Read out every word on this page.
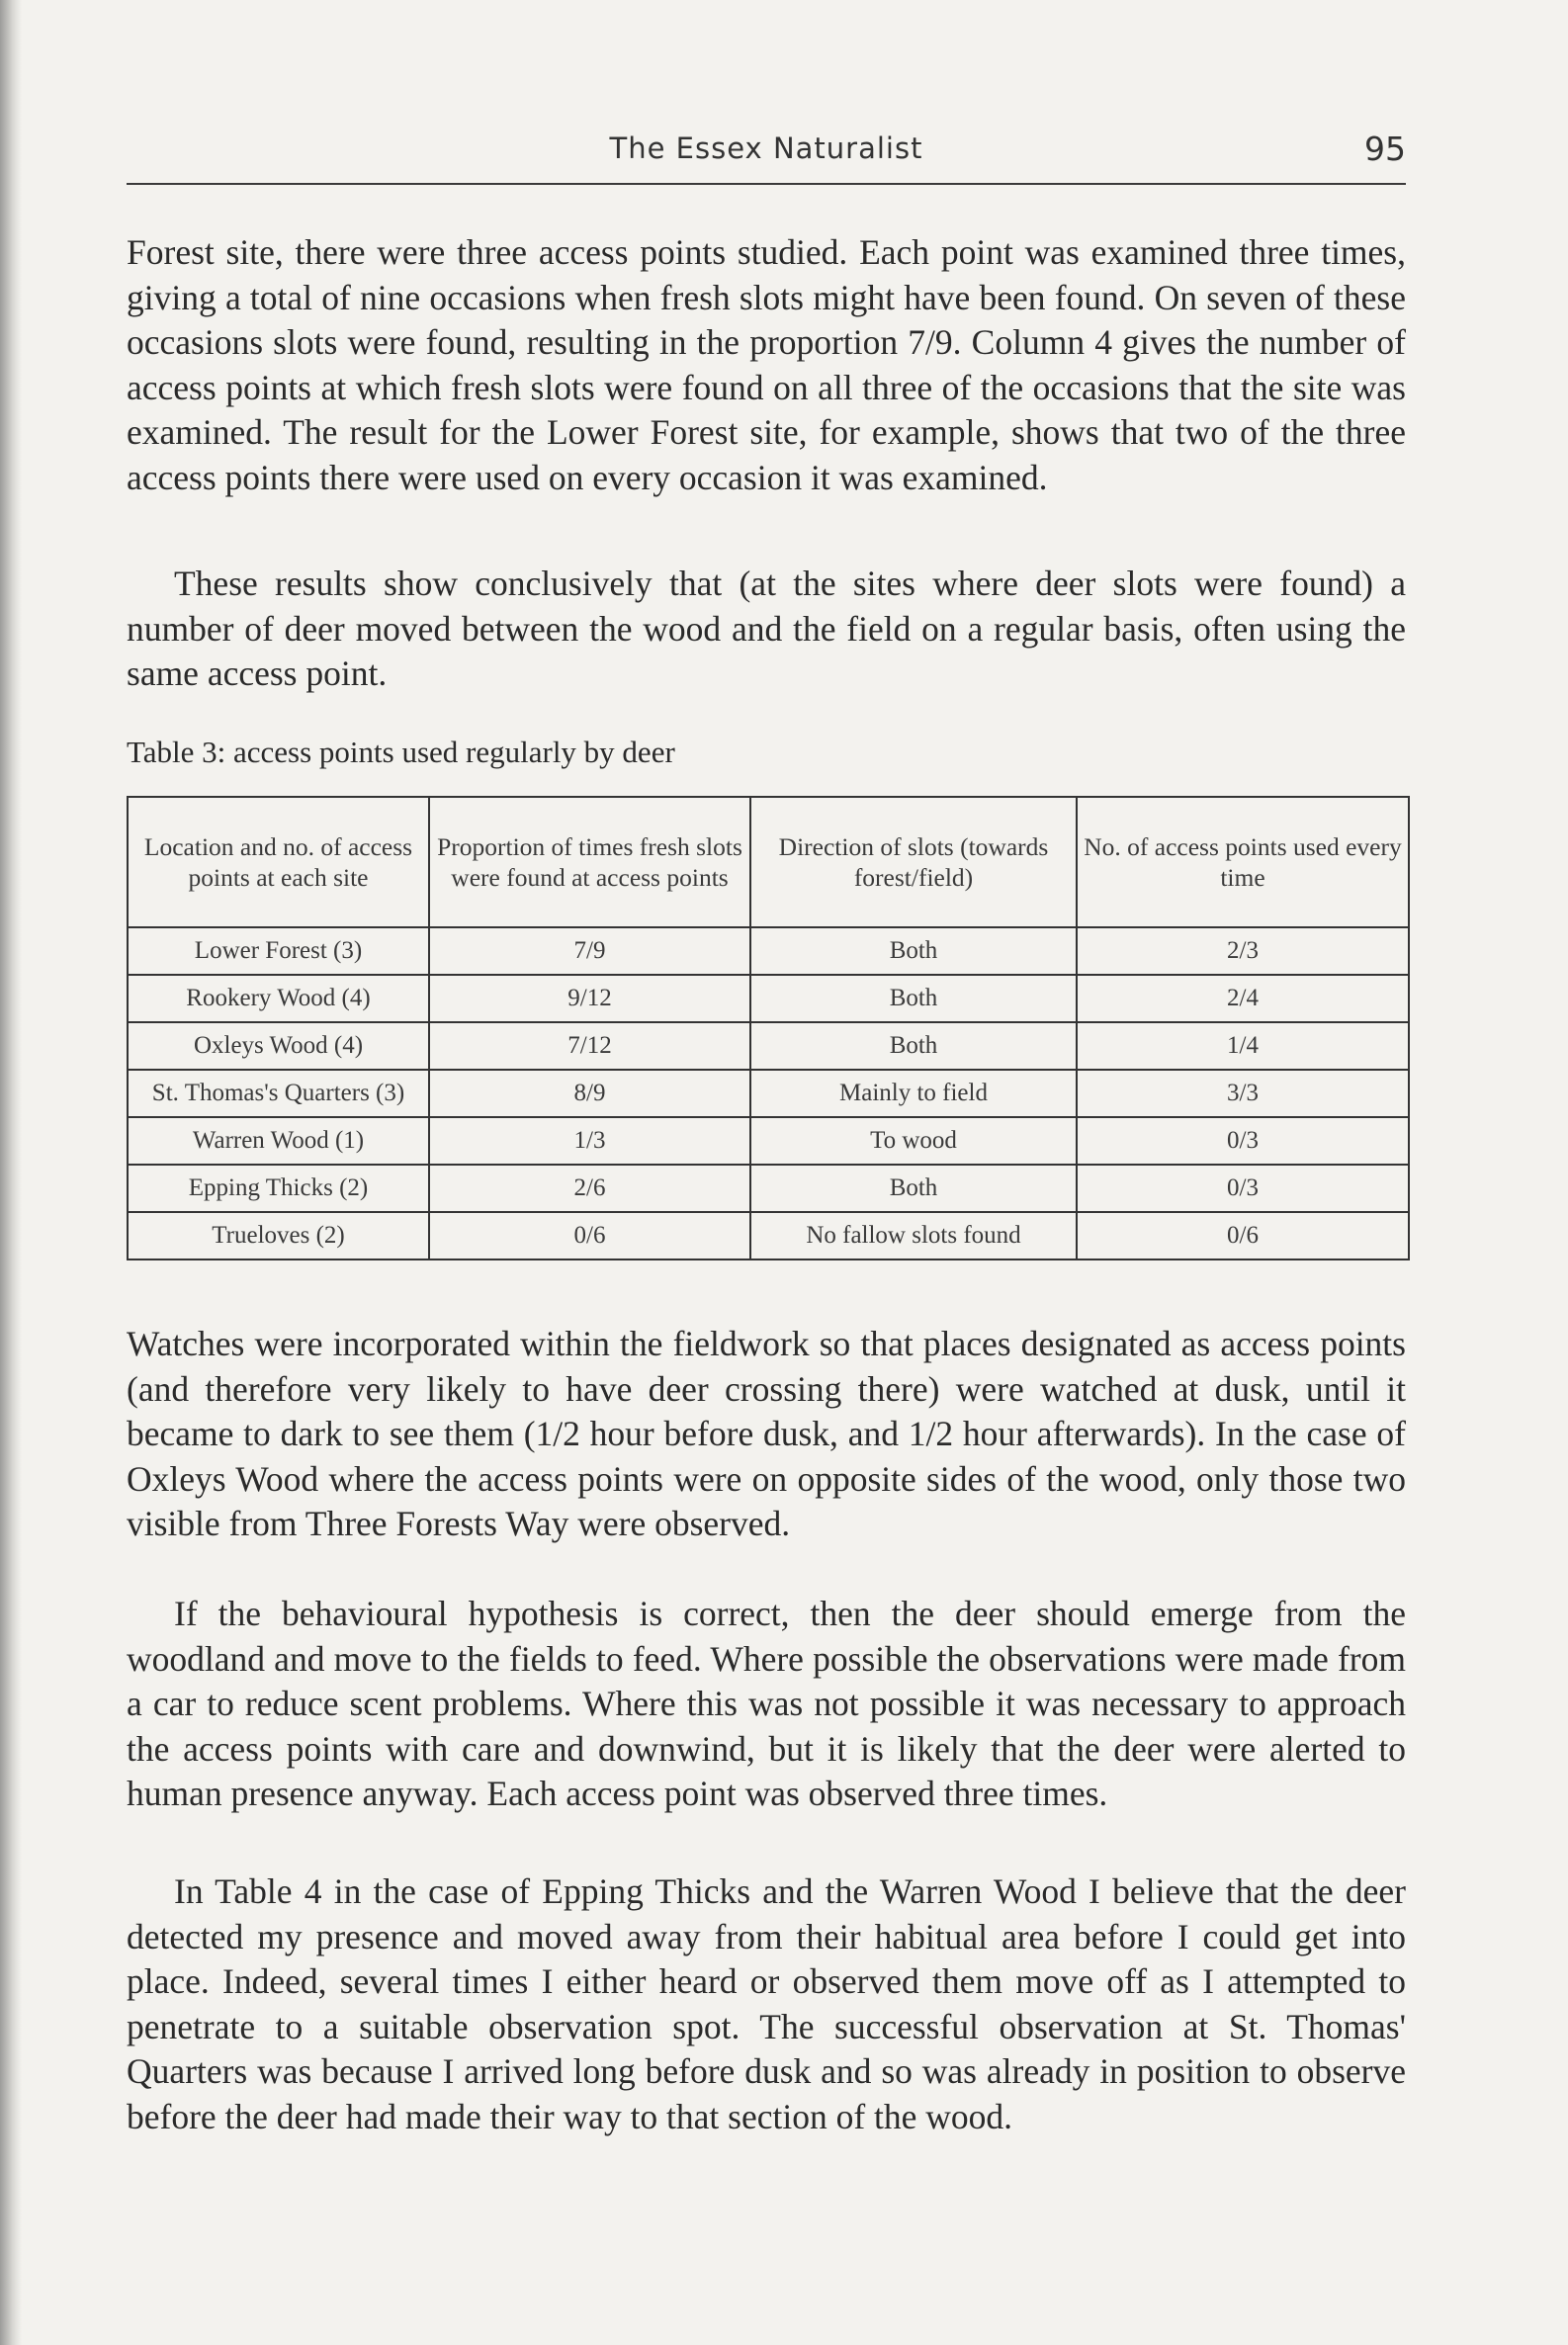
The Essex Naturalist	95

Forest site, there were three access points studied. Each point was examined three times, giving a total of nine occasions when fresh slots might have been found. On seven of these occasions slots were found, resulting in the proportion 7/9. Column 4 gives the number of access points at which fresh slots were found on all three of the occasions that the site was examined. The result for the Lower Forest site, for example, shows that two of the three access points there were used on every occasion it was examined.

These results show conclusively that (at the sites where deer slots were found) a number of deer moved between the wood and the field on a regular basis, often using the same access point.

Table 3: access points used regularly by deer
Location and no. of access points at each site	Proportion of times fresh slots were found at access points	Direction of slots (towards forest/field)	No. of access points used every time
Lower Forest (3)	7/9	Both	2/3
Rookery Wood (4)	9/12	Both	2/4
Oxleys Wood (4)	7/12	Both	1/4
St. Thomas's Quarters (3)	8/9	Mainly to field	3/3
Warren Wood (1)	1/3	To wood	0/3
Epping Thicks (2)	2/6	Both	0/3
Trueloves (2)	0/6	No fallow slots found	0/6

Watches were incorporated within the fieldwork so that places designated as access points (and therefore very likely to have deer crossing there) were watched at dusk, until it became to dark to see them (1/2 hour before dusk, and 1/2 hour afterwards). In the case of Oxleys Wood where the access points were on opposite sides of the wood, only those two visible from Three Forests Way were observed.

If the behavioural hypothesis is correct, then the deer should emerge from the woodland and move to the fields to feed. Where possible the observations were made from a car to reduce scent problems. Where this was not possible it was necessary to approach the access points with care and downwind, but it is likely that the deer were alerted to human presence anyway. Each access point was observed three times.

In Table 4 in the case of Epping Thicks and the Warren Wood I believe that the deer detected my presence and moved away from their habitual area before I could get into place. Indeed, several times I either heard or observed them move off as I attempted to penetrate to a suitable observation spot. The successful observation at St. Thomas' Quarters was because I arrived long before dusk and so was already in position to observe before the deer had made their way to that section of the wood.
